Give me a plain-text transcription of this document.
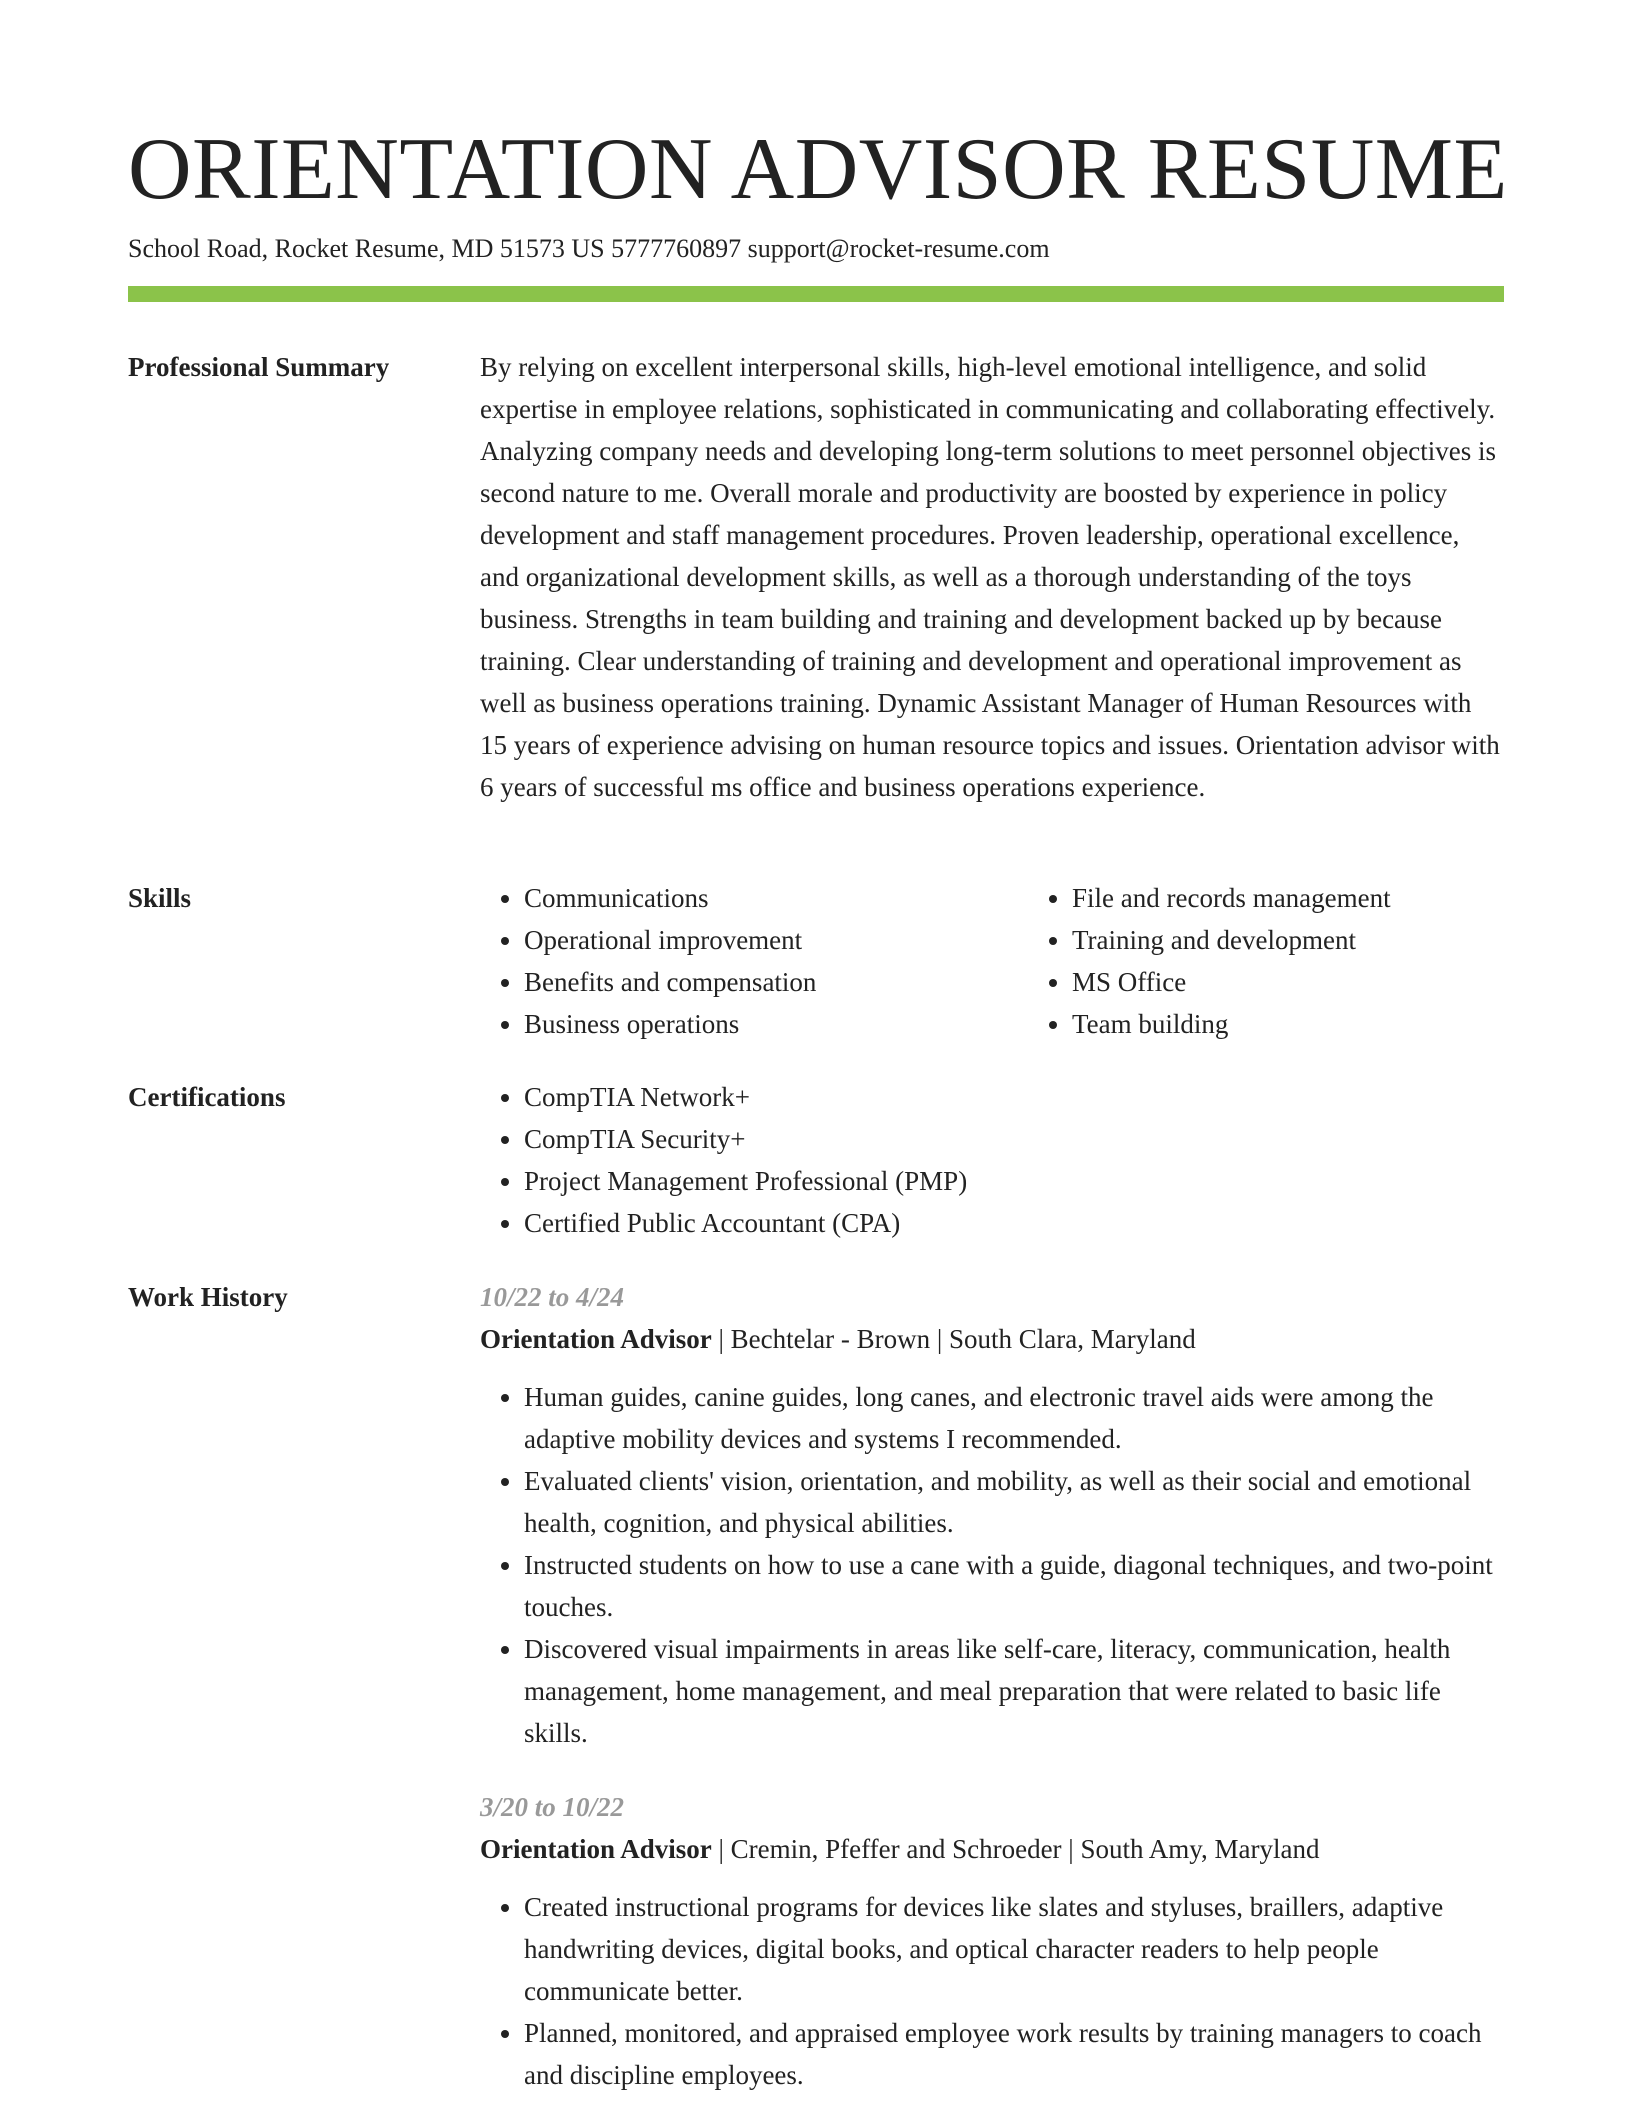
ORIENTATION ADVISOR RESUME
School Road, Rocket Resume, MD 51573 US 5777760897 support@rocket-resume.com
Professional Summary	By relying on excellent interpersonal skills, high-level emotional intelligence, and solid expertise in employee relations, sophisticated in communicating and collaborating effectively. Analyzing company needs and developing long-term solutions to meet personnel objectives is second nature to me. Overall morale and productivity are boosted by experience in policy development and staff management procedures. Proven leadership, operational excellence, and organizational development skills, as well as a thorough understanding of the toys business. Strengths in team building and training and development backed up by because training. Clear understanding of training and development and operational improvement as well as business operations training. Dynamic Assistant Manager of Human Resources with 15 years of experience advising on human resource topics and issues. Orientation advisor with 6 years of successful ms office and business operations experience.

Skills	• Communications
• Operational improvement
• Benefits and compensation
• Business operations
• File and records management
• Training and development
• MS Office
• Team building
Certifications	• CompTIA Network+
• CompTIA Security+
• Project Management Professional (PMP)
• Certified Public Accountant (CPA)
Work History	10/22 to 4/24

Orientation Advisor | Bechtelar - Brown | South Clara, Maryland

• Human guides, canine guides, long canes, and electronic travel aids were among the adaptive mobility devices and systems I recommended.
• Evaluated clients' vision, orientation, and mobility, as well as their social and emotional health, cognition, and physical abilities.
• Instructed students on how to use a cane with a guide, diagonal techniques, and two-point touches.
• Discovered visual impairments in areas like self-care, literacy, communication, health management, home management, and meal preparation that were related to basic life skills.
3/20 to 10/22

Orientation Advisor | Cremin, Pfeffer and Schroeder | South Amy, Maryland

• Created instructional programs for devices like slates and styluses, braillers, adaptive handwriting devices, digital books, and optical character readers to help people communicate better.
• Planned, monitored, and appraised employee work results by training managers to coach and discipline employees.
